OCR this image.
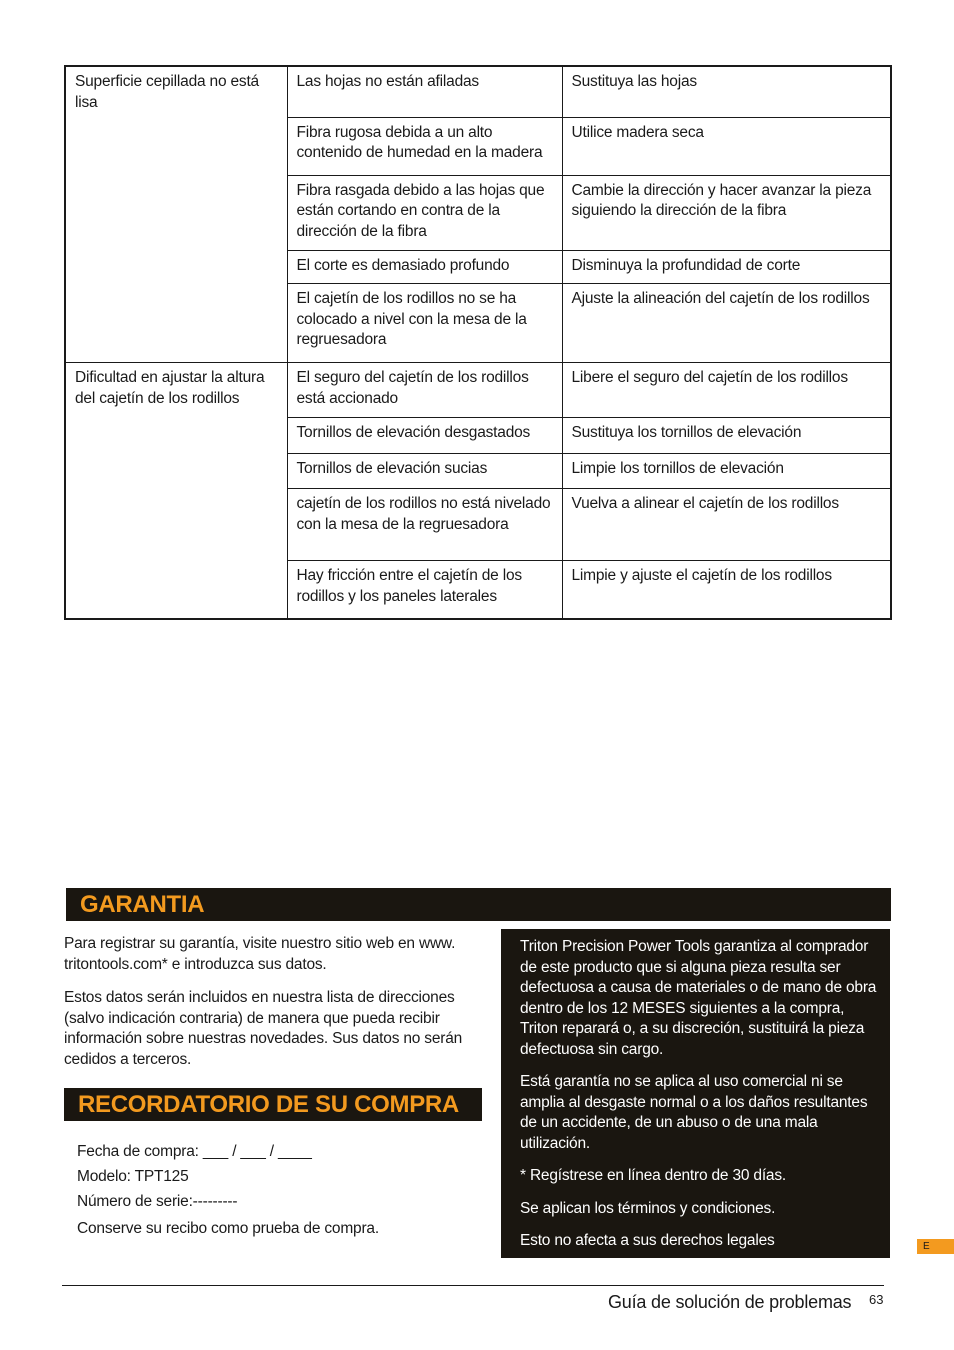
Superficie cepillada no está lisa	Las hojas no están afiladas	Sustituya las hojas
	Fibra rugosa debida a un alto contenido de humedad en la madera	Utilice madera seca
	Fibra rasgada debido a las hojas que están cortando en contra de la dirección de la fibra	Cambie la dirección y hacer avanzar la pieza siguiendo la dirección de la fibra
	El corte es demasiado profundo	Disminuya la profundidad de corte
	El cajetín de los rodillos no se ha colocado a nivel con la mesa de la regruesadora	Ajuste la alineación del cajetín de los rodillos
Dificultad en ajustar la altura del cajetín de los rodillos	El seguro del cajetín de los rodillos está accionado	Libere el seguro del cajetín de los rodillos
	Tornillos de elevación desgastados	Sustituya los tornillos de elevación
	Tornillos de elevación sucias	Limpie los tornillos de elevación
	cajetín de los rodillos no está nivelado con la mesa de la regruesadora	Vuelva a alinear el cajetín de los rodillos
	Hay fricción entre el cajetín de los rodillos y los paneles laterales	Limpie y ajuste el cajetín de los rodillos
GARANTIA

Para registrar su garantía, visite nuestro sitio web en www. tritontools.com* e introduzca sus datos.

Estos datos serán incluidos en nuestra lista de direcciones (salvo indicación contraria) de manera que pueda recibir información sobre nuestras novedades. Sus datos no serán cedidos a terceros.

RECORDATORIO DE SU COMPRA

Fecha de compra: ___ / ___ / ____

Modelo: TPT125

Número de serie:---------

Conserve su recibo como prueba de compra.

Triton Precision Power Tools garantiza al comprador de este producto que si alguna pieza resulta ser defectuosa a causa de materiales o de mano de obra dentro de los 12 MESES siguientes a la compra, Triton reparará o, a su discreción, sustituirá la pieza defectuosa sin cargo.

Está garantía no se aplica al uso comercial ni se amplia al desgaste normal o a los daños resultantes de un accidente, de un abuso o de una mala utilización.

* Regístrese en línea dentro de 30 días.

Se aplican los términos y condiciones.

Esto no afecta a sus derechos legales	E
Guía de solución de problemas 63
